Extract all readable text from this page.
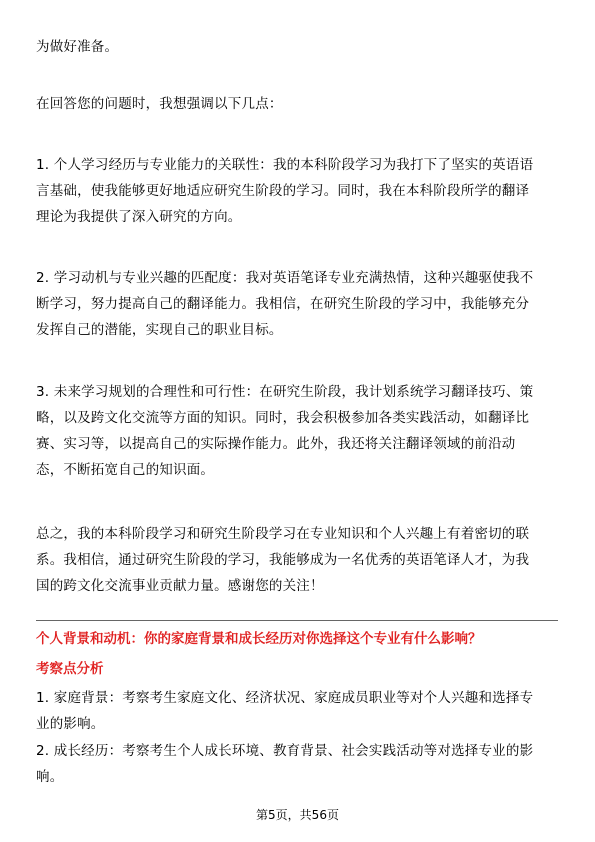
为做好准备。
在回答您的问题时，我想强调以下几点：
1. 个人学习经历与专业能力的关联性：我的本科阶段学习为我打下了坚实的英语语
言基础，使我能够更好地适应研究生阶段的学习。同时，我在本科阶段所学的翻译
理论为我提供了深入研究的方向。
2. 学习动机与专业兴趣的匹配度：我对英语笔译专业充满热情，这种兴趣驱使我不
断学习，努力提高自己的翻译能力。我相信，在研究生阶段的学习中，我能够充分
发挥自己的潜能，实现自己的职业目标。
3. 未来学习规划的合理性和可行性：在研究生阶段，我计划系统学习翻译技巧、策
略，以及跨文化交流等方面的知识。同时，我会积极参加各类实践活动，如翻译比
赛、实习等，以提高自己的实际操作能力。此外，我还将关注翻译领域的前沿动
态，不断拓宽自己的知识面。
总之，我的本科阶段学习和研究生阶段学习在专业知识和个人兴趣上有着密切的联
系。我相信，通过研究生阶段的学习，我能够成为一名优秀的英语笔译人才，为我
国的跨文化交流事业贡献力量。感谢您的关注！
个人背景和动机：你的家庭背景和成长经历对你选择这个专业有什么影响？
考察点分析
1. 家庭背景：考察考生家庭文化、经济状况、家庭成员职业等对个人兴趣和选择专
业的影响。
2. 成长经历：考察考生个人成长环境、教育背景、社会实践活动等对选择专业的影
响。
第5页，共56页
